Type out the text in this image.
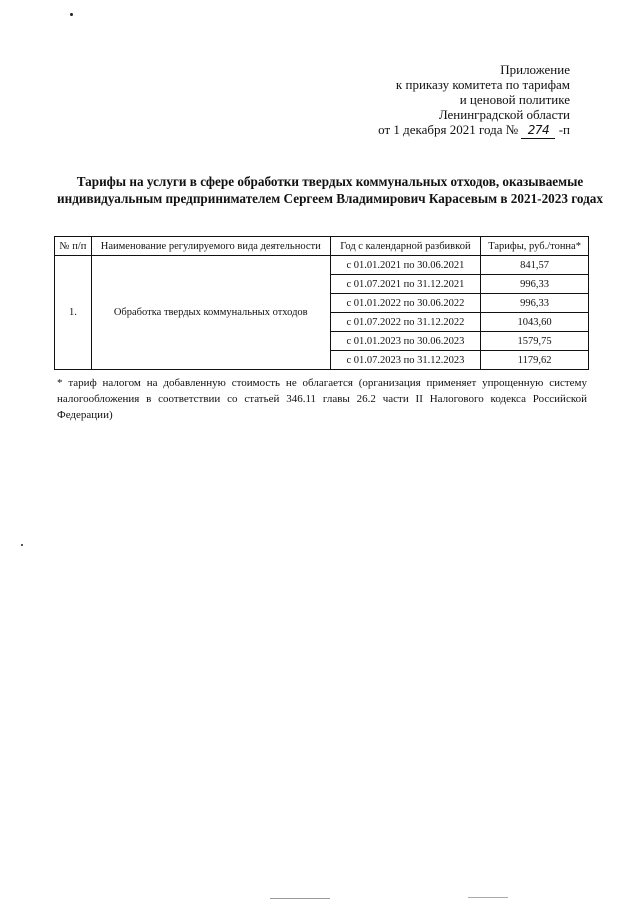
Приложение
к приказу комитета по тарифам
и ценовой политике
Ленинградской области
от 1 декабря 2021 года № 274 -п
Тарифы на услуги в сфере обработки твердых коммунальных отходов, оказываемые
индивидуальным предпринимателем Сергеем Владимирович Карасевым в 2021-2023 годах
№ п/п	Наименование регулируемого вида деятельности	Год с календарной разбивкой	Тарифы, руб./тонна*
1.	Обработка твердых коммунальных отходов	с 01.01.2021 по 30.06.2021	841,57
		с 01.07.2021 по 31.12.2021	996,33
		с 01.01.2022 по 30.06.2022	996,33
		с 01.07.2022 по 31.12.2022	1043,60
		с 01.01.2023 по 30.06.2023	1579,75
		с 01.07.2023 по 31.12.2023	1179,62
* тариф налогом на добавленную стоимость не облагается (организация применяет упрощенную систему налогообложения в соответствии со статьей 346.11 главы 26.2 части II Налогового кодекса Российской Федерации)
